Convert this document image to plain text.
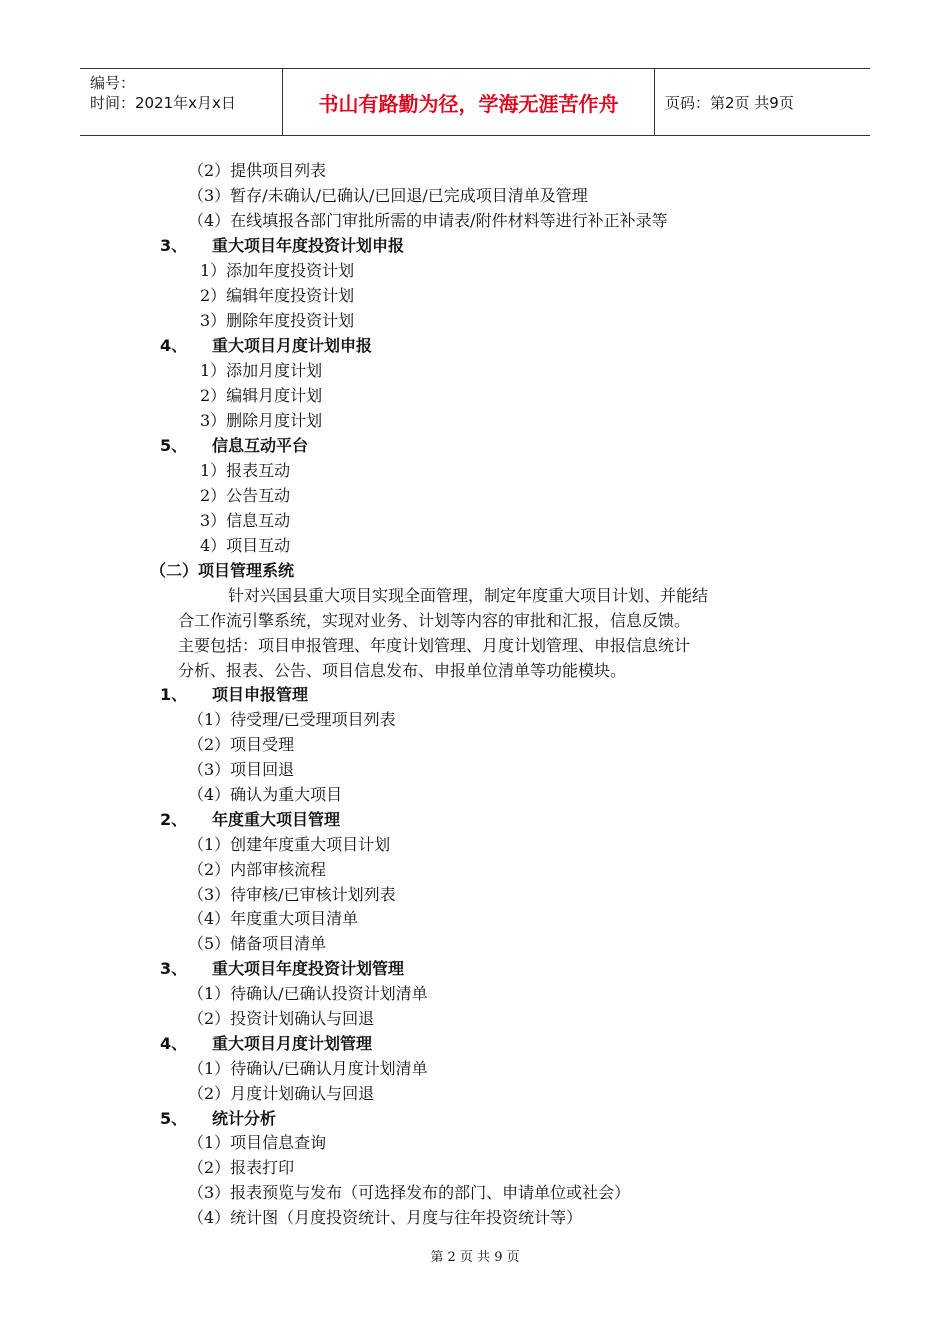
编号：
时间：2021年x月x日	书山有路勤为径，学海无涯苦作舟	页码：第2页 共9页
（2）提供项目列表
（3）暂存/未确认/已确认/已回退/已完成项目清单及管理
（4）在线填报各部门审批所需的申请表/附件材料等进行补正补录等
3、 重大项目年度投资计划申报
1）添加年度投资计划
2）编辑年度投资计划
3）删除年度投资计划
4、 重大项目月度计划申报
1）添加月度计划
2）编辑月度计划
3）删除月度计划
5、 信息互动平台
1）报表互动
2）公告互动
3）信息互动
4）项目互动
（二）项目管理系统
针对兴国县重大项目实现全面管理，制定年度重大项目计划、并能结
合工作流引擎系统，实现对业务、计划等内容的审批和汇报，信息反馈。
主要包括：项目申报管理、年度计划管理、月度计划管理、申报信息统计
分析、报表、公告、项目信息发布、申报单位清单等功能模块。
1、 项目申报管理
（1）待受理/已受理项目列表
（2）项目受理
（3）项目回退
（4）确认为重大项目
2、 年度重大项目管理
（1）创建年度重大项目计划
（2）内部审核流程
（3）待审核/已审核计划列表
（4）年度重大项目清单
（5）储备项目清单
3、 重大项目年度投资计划管理
（1）待确认/已确认投资计划清单
（2）投资计划确认与回退
4、 重大项目月度计划管理
（1）待确认/已确认月度计划清单
（2）月度计划确认与回退
5、 统计分析
（1）项目信息查询
（2）报表打印
（3）报表预览与发布（可选择发布的部门、申请单位或社会）
（4）统计图（月度投资统计、月度与往年投资统计等）
第 2 页 共 9 页
